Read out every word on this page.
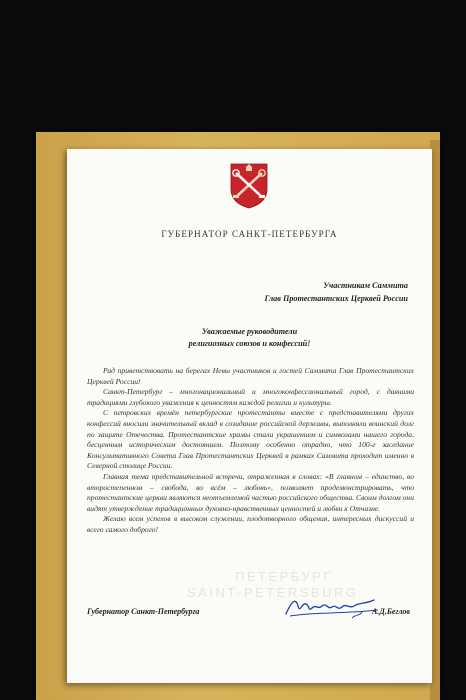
ГУБЕРНАТОР САНКТ-ПЕТЕРБУРГА
Участникам Саммита
Глав Протестантских Церквей России
Уважаемые руководители
религиозных союзов и конфессий!

Рад приветствовать на берегах Невы участников и гостей Саммита Глав Протестантских Церквей России!

Санкт-Петербург – многонациональный и многоконфессиональный город, с давними традициями глубокого уважения к ценностям каждой религии и культуры.

С петровских времён петербургские протестанты вместе с представителями других конфессий вносили значительный вклад в созидание российской державы, выполняли воинский долг по защите Отечества. Протестантские храмы стали украшением и символами нашего города, бесценным историческим достоянием. Поэтому особенно отрадно, что 100-е заседание Консультативного Совета Глав Протестантских Церквей в рамках Саммита проходит именно в Северной столице России.

Главная тема представительной встречи, отраженная в словах: «В главном – единство, во второстепенном – свобода, во всём – любовь», позволяет продемонстрировать, что протестантские церкви являются неотъемлемой частью российского общества. Своим долгом они видят утверждение традиционных духовно-нравственных ценностей и любви к Отчизне.

Желаю всем успехов в высоком служении, плодотворного общения, интересных дискуссий и всего самого доброго!

ПЕТЕРБУРГ
SAINT-PETERSBURG
Губернатор Санкт-Петербурга	А.Д.Беглов
